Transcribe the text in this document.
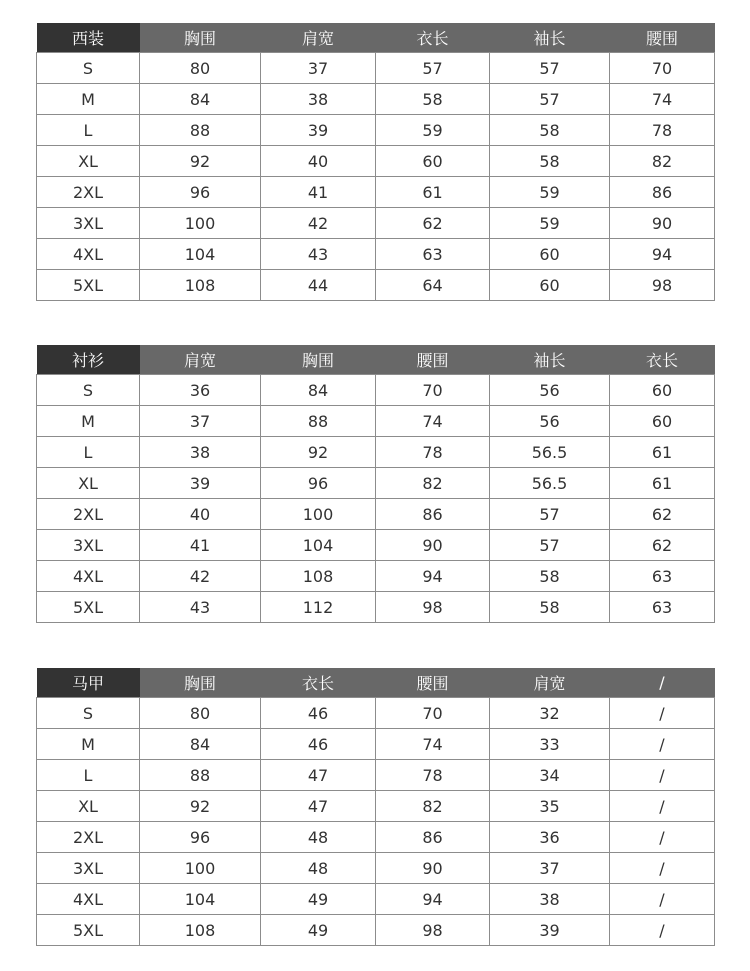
西装	胸围	肩宽	衣长	袖长	腰围
S	80	37	57	57	70
M	84	38	58	57	74
L	88	39	59	58	78
XL	92	40	60	58	82
2XL	96	41	61	59	86
3XL	100	42	62	59	90
4XL	104	43	63	60	94
5XL	108	44	64	60	98
衬衫	肩宽	胸围	腰围	袖长	衣长
S	36	84	70	56	60
M	37	88	74	56	60
L	38	92	78	56.5	61
XL	39	96	82	56.5	61
2XL	40	100	86	57	62
3XL	41	104	90	57	62
4XL	42	108	94	58	63
5XL	43	112	98	58	63
马甲	胸围	衣长	腰围	肩宽	/
S	80	46	70	32	/
M	84	46	74	33	/
L	88	47	78	34	/
XL	92	47	82	35	/
2XL	96	48	86	36	/
3XL	100	48	90	37	/
4XL	104	49	94	38	/
5XL	108	49	98	39	/
